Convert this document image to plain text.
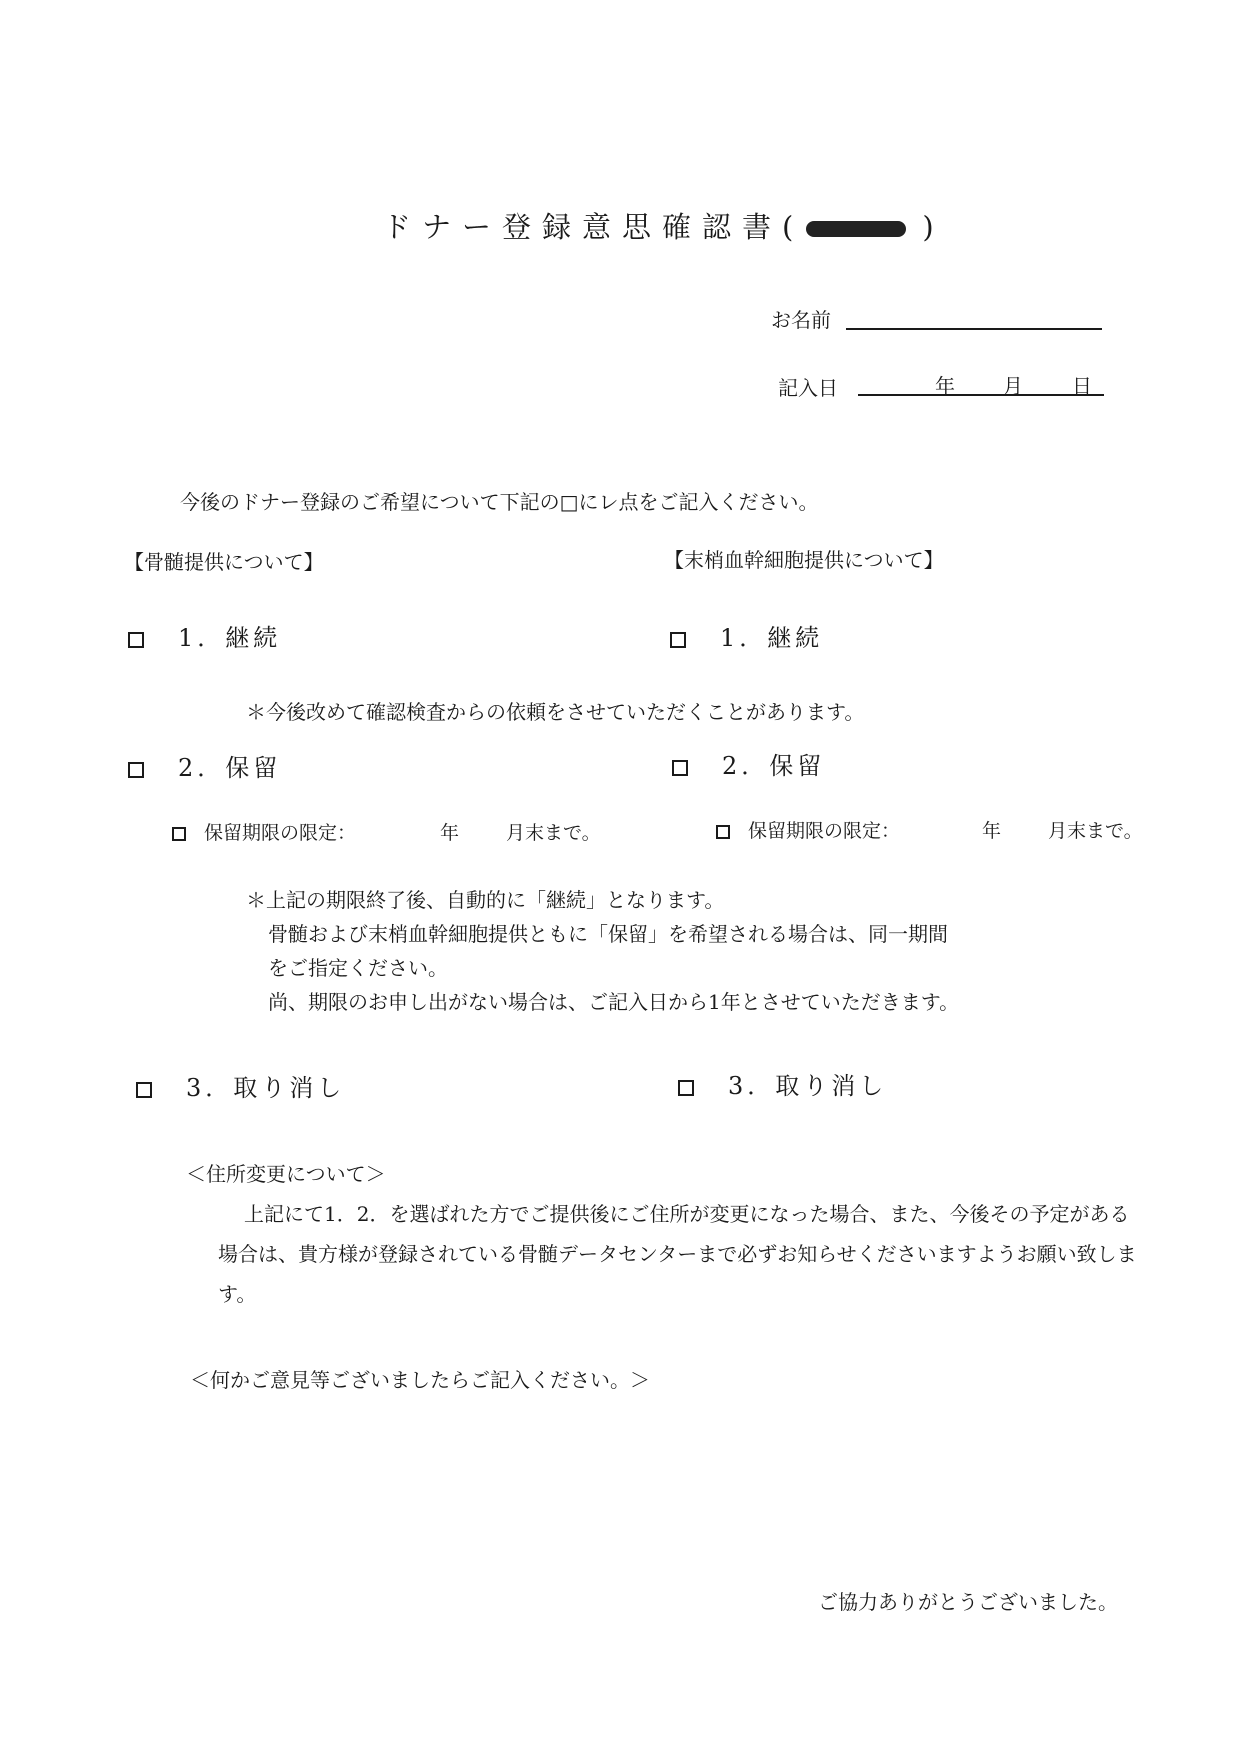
ドナー登録意思確認書(	)
お名前
記入日	年 月 日
今後のドナー登録のご希望について下記の□にレ点をご記入ください。
【骨髄提供について】	【末梢血幹細胞提供について】
1．継続	1．継続
＊今後改めて確認検査からの依頼をさせていただくことがあります。
2．保留	2．保留
保留期限の限定：	年 月末まで。	保留期限の限定：	年 月末まで。
＊上記の期限終了後、自動的に「継続」となります。
骨髄および末梢血幹細胞提供ともに「保留」を希望される場合は、同一期間
をご指定ください。
尚、期限のお申し出がない場合は、ご記入日から1年とさせていただきます。
3．取り消し	3．取り消し
＜住所変更について＞
上記にて1．2．を選ばれた方でご提供後にご住所が変更になった場合、また、今後その予定がある場合は、貴方様が登録されている骨髄データセンターまで必ずお知らせくださいますようお願い致します。
＜何かご意見等ございましたらご記入ください。＞
ご協力ありがとうございました。
